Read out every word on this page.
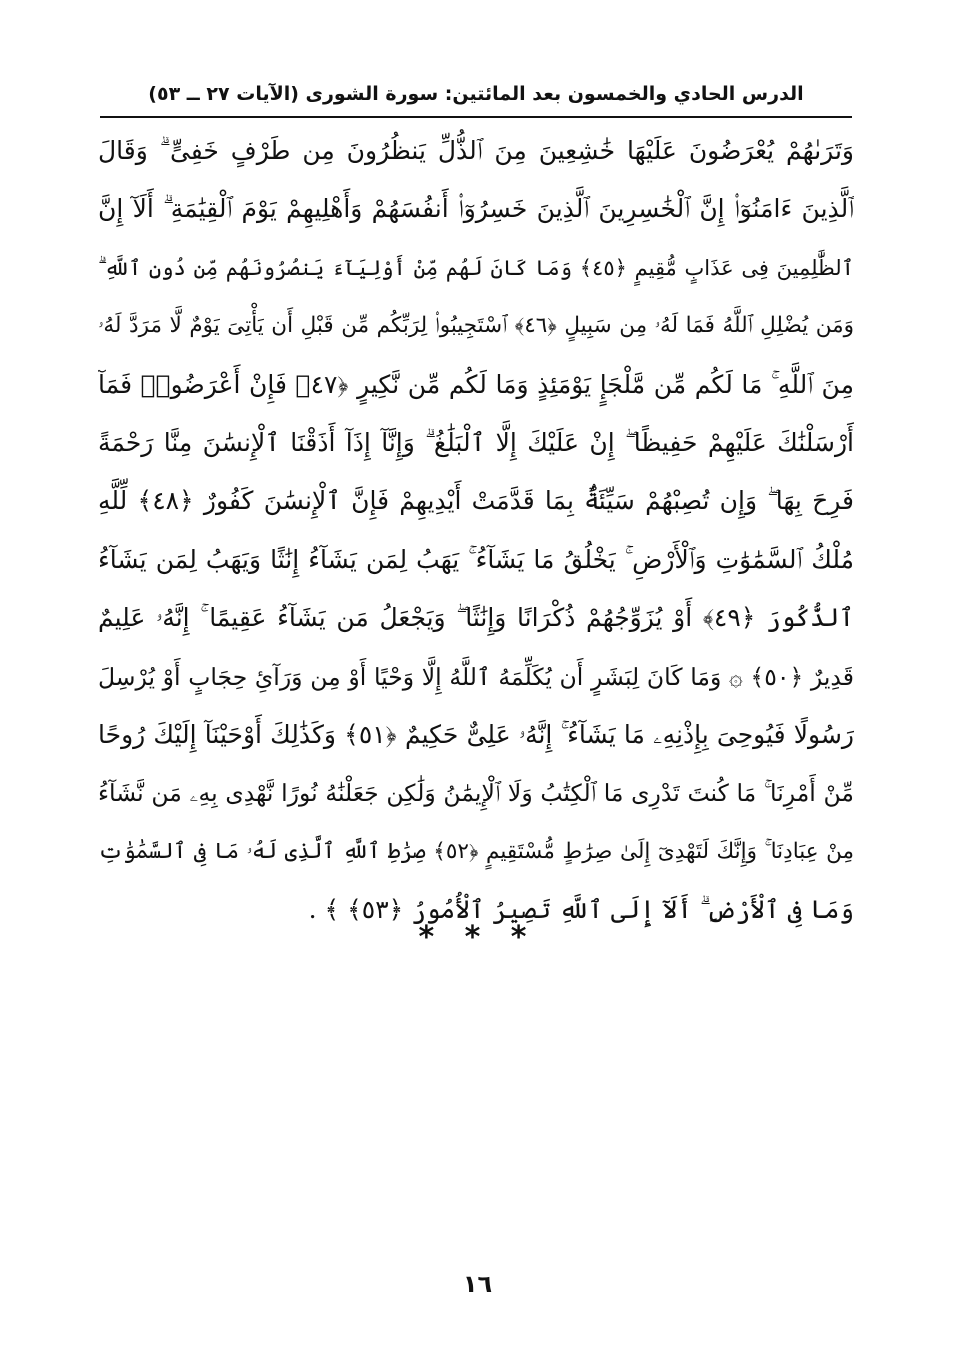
الدرس الحادي والخمسون بعد المائتين: سورة الشورى (الآيات ٢٧ ــ ٥٣)
وَتَرَىٰهُمْ يُعْرَضُونَ عَلَيْهَا خَٰشِعِينَ مِنَ ٱلذُّلِّ يَنظُرُونَ مِن طَرْفٍ خَفِىٍّ ۗ وَقَالَ
ٱلَّذِينَ ءَامَنُوٓا۟ إِنَّ ٱلْخَٰسِرِينَ ٱلَّذِينَ خَسِرُوٓا۟ أَنفُسَهُمْ وَأَهْلِيهِمْ يَوْمَ ٱلْقِيَٰمَةِ ۗ أَلَآ إِنَّ
ٱلظَّٰلِمِينَ فِى عَذَابٍ مُّقِيمٍ ﴿٤٥﴾ وَمَا كَانَ لَهُم مِّنْ أَوْلِيَآءَ يَنصُرُونَهُم مِّن دُونِ ٱللَّهِ ۗ
وَمَن يُضْلِلِ ٱللَّهُ فَمَا لَهُۥ مِن سَبِيلٍ ﴿٤٦﴾ ٱسْتَجِيبُوا۟ لِرَبِّكُم مِّن قَبْلِ أَن يَأْتِىَ يَوْمٌ لَّا مَرَدَّ لَهُۥ
مِنَ ٱللَّهِ ۚ مَا لَكُم مِّن مَّلْجَإٍ يَوْمَئِذٍ وَمَا لَكُم مِّن نَّكِيرٍ ﴿٤٧﴾ فَإِنْ أَعْرَضُوا۟ فَمَآ
أَرْسَلْنَٰكَ عَلَيْهِمْ حَفِيظًا ۖ إِنْ عَلَيْكَ إِلَّا ٱلْبَلَٰغُ ۗ وَإِنَّآ إِذَآ أَذَقْنَا ٱلْإِنسَٰنَ مِنَّا رَحْمَةً
فَرِحَ بِهَا ۖ وَإِن تُصِبْهُمْ سَيِّئَةٌۢ بِمَا قَدَّمَتْ أَيْدِيهِمْ فَإِنَّ ٱلْإِنسَٰنَ كَفُورٌ ﴿٤٨﴾ لِّلَّهِ
مُلْكُ ٱلسَّمَٰوَٰتِ وَٱلْأَرْضِ ۚ يَخْلُقُ مَا يَشَآءُ ۚ يَهَبُ لِمَن يَشَآءُ إِنَٰثًا وَيَهَبُ لِمَن يَشَآءُ
ٱلذُّكُورَ ﴿٤٩﴾ أَوْ يُزَوِّجُهُمْ ذُكْرَانًا وَإِنَٰثًا ۖ وَيَجْعَلُ مَن يَشَآءُ عَقِيمًا ۚ إِنَّهُۥ عَلِيمٌ
قَدِيرٌ ﴿٥٠﴾ ۞ وَمَا كَانَ لِبَشَرٍ أَن يُكَلِّمَهُ ٱللَّهُ إِلَّا وَحْيًا أَوْ مِن وَرَآئِ حِجَابٍ أَوْ يُرْسِلَ
رَسُولًا فَيُوحِىَ بِإِذْنِهِۦ مَا يَشَآءُ ۚ إِنَّهُۥ عَلِىٌّ حَكِيمٌ ﴿٥١﴾ وَكَذَٰلِكَ أَوْحَيْنَآ إِلَيْكَ رُوحًا
مِّنْ أَمْرِنَا ۚ مَا كُنتَ تَدْرِى مَا ٱلْكِتَٰبُ وَلَا ٱلْإِيمَٰنُ وَلَٰكِن جَعَلْنَٰهُ نُورًا نَّهْدِى بِهِۦ مَن نَّشَآءُ
مِنْ عِبَادِنَا ۚ وَإِنَّكَ لَتَهْدِىٓ إِلَىٰ صِرَٰطٍ مُّسْتَقِيمٍ ﴿٥٢﴾ صِرَٰطِ ٱللَّهِ ٱلَّذِى لَهُۥ مَا فِى ٱلسَّمَٰوَٰتِ
وَمَا فِى ٱلْأَرْضِ ۗ أَلَآ إِلَى ٱللَّهِ تَصِيرُ ٱلْأُمُورُ ﴿٥٣﴾ ﴾ .
* * *
١٦
